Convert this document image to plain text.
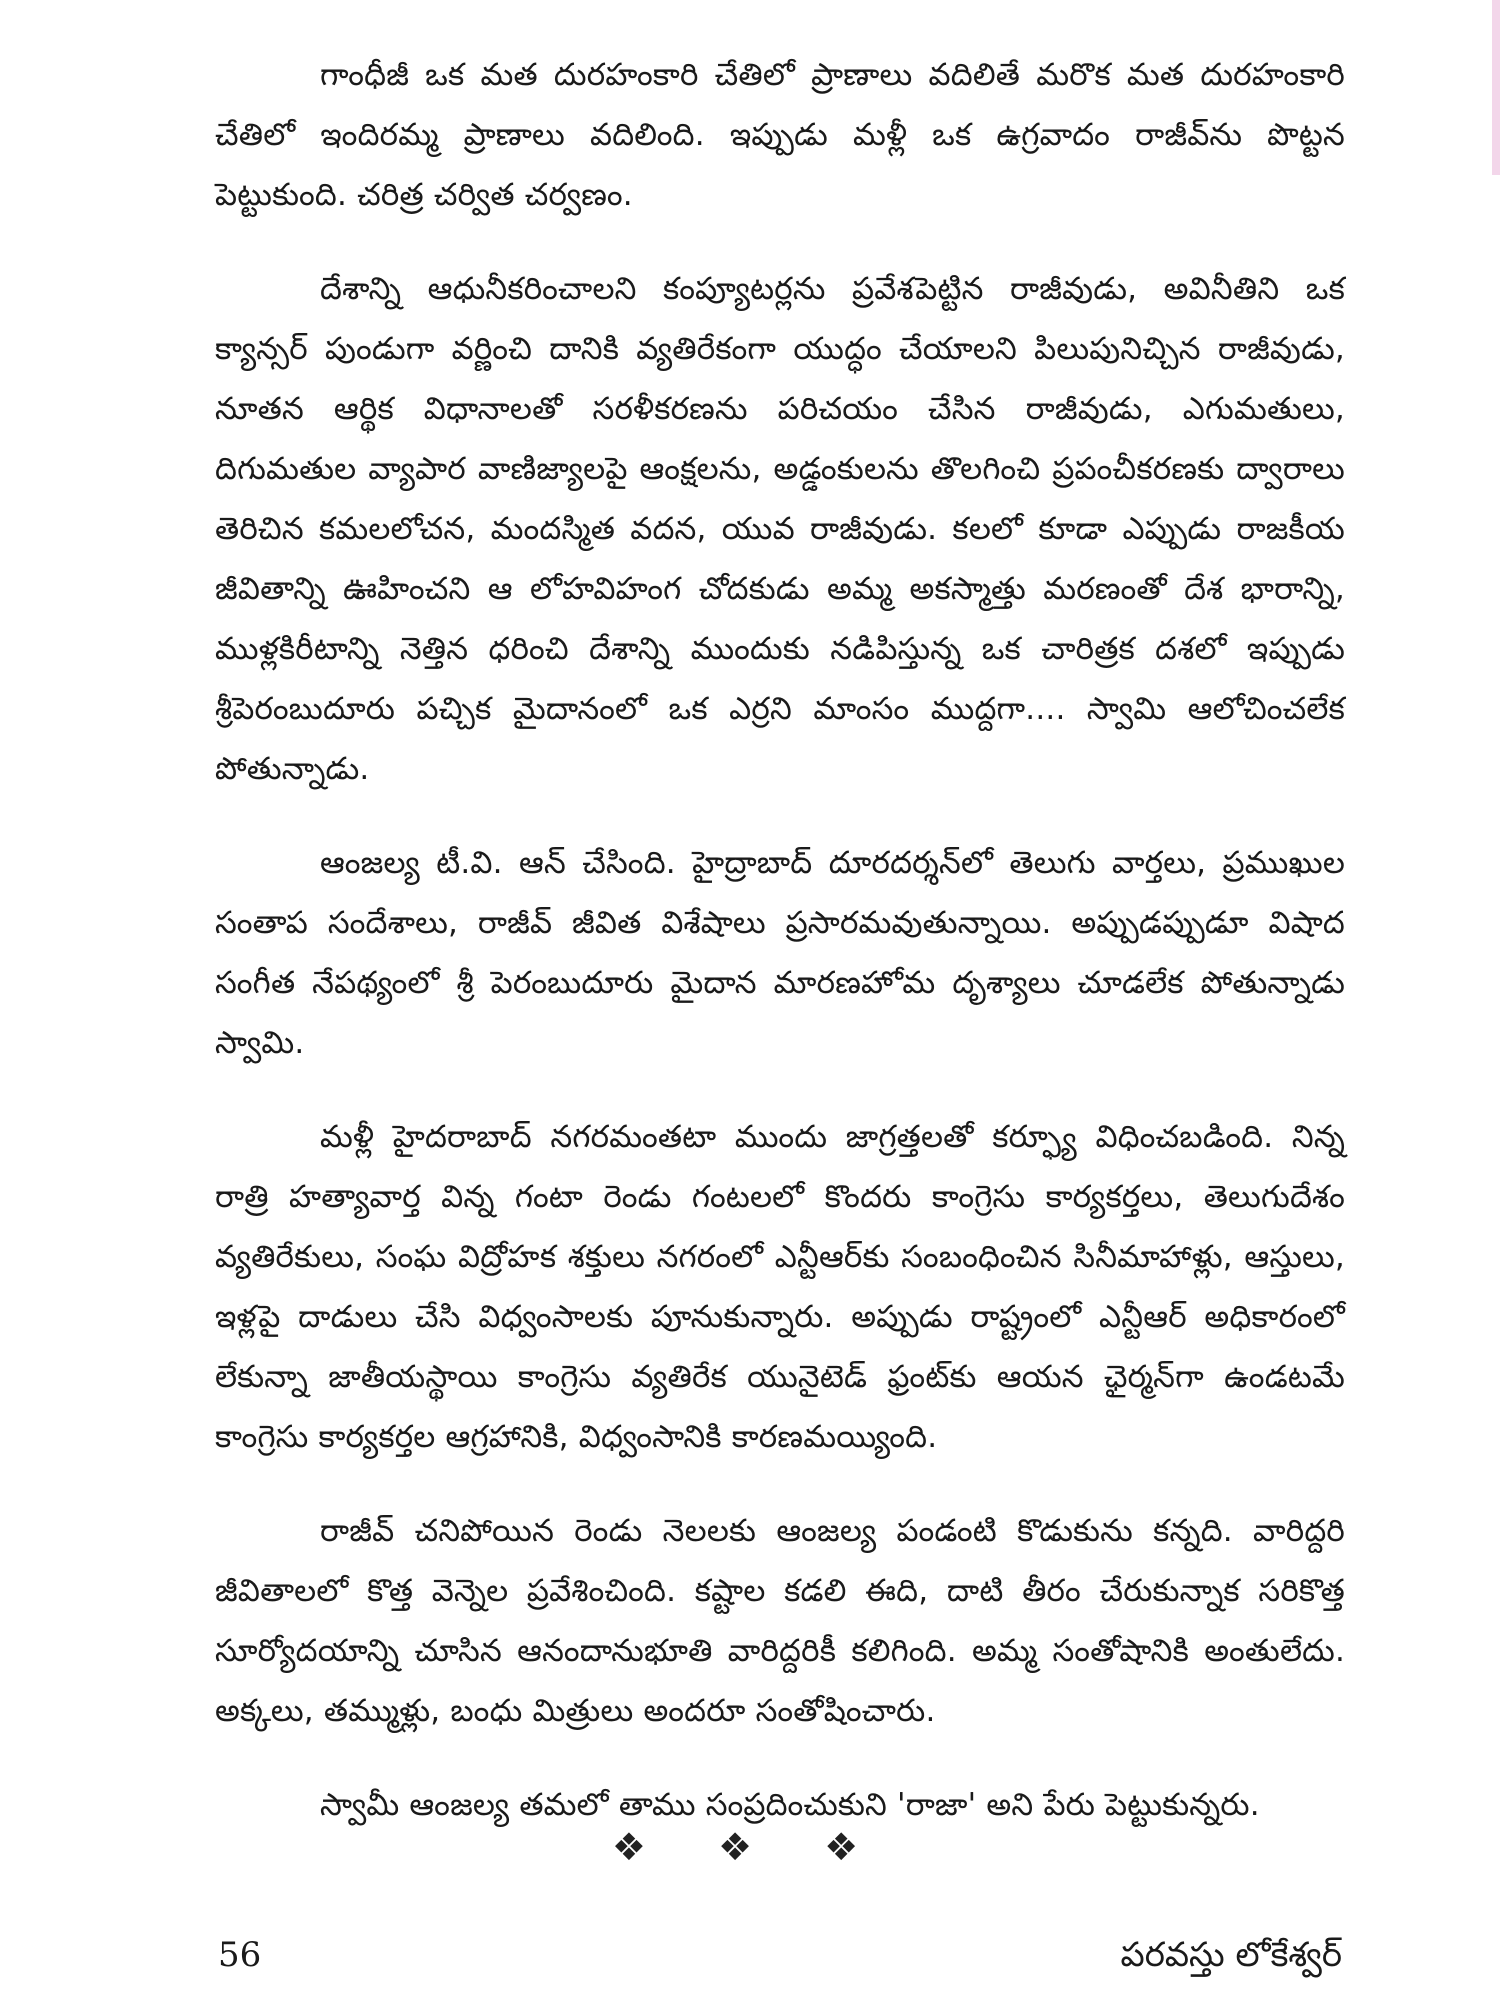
గాంధీజీ ఒక మత దురహంకారి చేతిలో ప్రాణాలు వదిలితే మరొక మత దురహంకారి చేతిలో ఇందిరమ్మ ప్రాణాలు వదిలింది. ఇప్పుడు మళ్లీ ఒక ఉగ్రవాదం రాజీవ్‌ను పొట్టన పెట్టుకుంది. చరిత్ర చర్విత చర్వణం.

దేశాన్ని ఆధునీకరించాలని కంప్యూటర్లను ప్రవేశపెట్టిన రాజీవుడు, అవినీతిని ఒక క్యాన్సర్ పుండుగా వర్ణించి దానికి వ్యతిరేకంగా యుద్ధం చేయాలని పిలుపునిచ్చిన రాజీవుడు, నూతన ఆర్థిక విధానాలతో సరళీకరణను పరిచయం చేసిన రాజీవుడు, ఎగుమతులు, దిగుమతుల వ్యాపార వాణిజ్యాలపై ఆంక్షలను, అడ్డంకులను తొలగించి ప్రపంచీకరణకు ద్వారాలు తెరిచిన కమలలోచన, మందస్మిత వదన, యువ రాజీవుడు. కలలో కూడా ఎప్పుడు రాజకీయ జీవితాన్ని ఊహించని ఆ లోహవిహంగ చోదకుడు అమ్మ అకస్మాత్తు మరణంతో దేశ భారాన్ని, ముళ్లకిరీటాన్ని నెత్తిన ధరించి దేశాన్ని ముందుకు నడిపిస్తున్న ఒక చారిత్రక దశలో ఇప్పుడు శ్రీపెరంబుదూరు పచ్చిక మైదానంలో ఒక ఎర్రని మాంసం ముద్దగా.... స్వామి ఆలోచించలేక పోతున్నాడు.

ఆంజల్య టీ.వి. ఆన్ చేసింది. హైద్రాబాద్ దూరదర్శన్‌లో తెలుగు వార్తలు, ప్రముఖుల సంతాప సందేశాలు, రాజీవ్ జీవిత విశేషాలు ప్రసారమవుతున్నాయి. అప్పుడప్పుడూ విషాద సంగీత నేపథ్యంలో శ్రీ పెరంబుదూరు మైదాన మారణహోమ దృశ్యాలు చూడలేక పోతున్నాడు స్వామి.

మళ్లీ హైదరాబాద్ నగరమంతటా ముందు జాగ్రత్తలతో కర్ఫ్యూ విధించబడింది. నిన్న రాత్రి హత్యావార్త విన్న గంటా రెండు గంటలలో కొందరు కాంగ్రెసు కార్యకర్తలు, తెలుగుదేశం వ్యతిరేకులు, సంఘ విద్రోహక శక్తులు నగరంలో ఎన్టీఆర్‌కు సంబంధించిన సినీమాహాళ్లు, ఆస్తులు, ఇళ్లపై దాడులు చేసి విధ్వంసాలకు పూనుకున్నారు. అప్పుడు రాష్ట్రంలో ఎన్టీఆర్ అధికారంలో లేకున్నా జాతీయస్థాయి కాంగ్రెసు వ్యతిరేక యునైటెడ్ ఫ్రంట్‌కు ఆయన ఛైర్మన్‌గా ఉండటమే కాంగ్రెసు కార్యకర్తల ఆగ్రహానికి, విధ్వంసానికి కారణమయ్యింది.

రాజీవ్ చనిపోయిన రెండు నెలలకు ఆంజల్య పండంటి కొడుకును కన్నది. వారిద్దరి జీవితాలలో కొత్త వెన్నెల ప్రవేశించింది. కష్టాల కడలి ఈది, దాటి తీరం చేరుకున్నాక సరికొత్త సూర్యోదయాన్ని చూసిన ఆనందానుభూతి వారిద్దరికీ కలిగింది. అమ్మ సంతోషానికి అంతులేదు. అక్కలు, తమ్ముళ్లు, బంధు మిత్రులు అందరూ సంతోషించారు.

స్వామీ ఆంజల్య తమలో తాము సంప్రదించుకుని 'రాజా' అని పేరు పెట్టుకున్నరు.

❖ ❖ ❖
56	పరవస్తు లోకేశ్వర్
